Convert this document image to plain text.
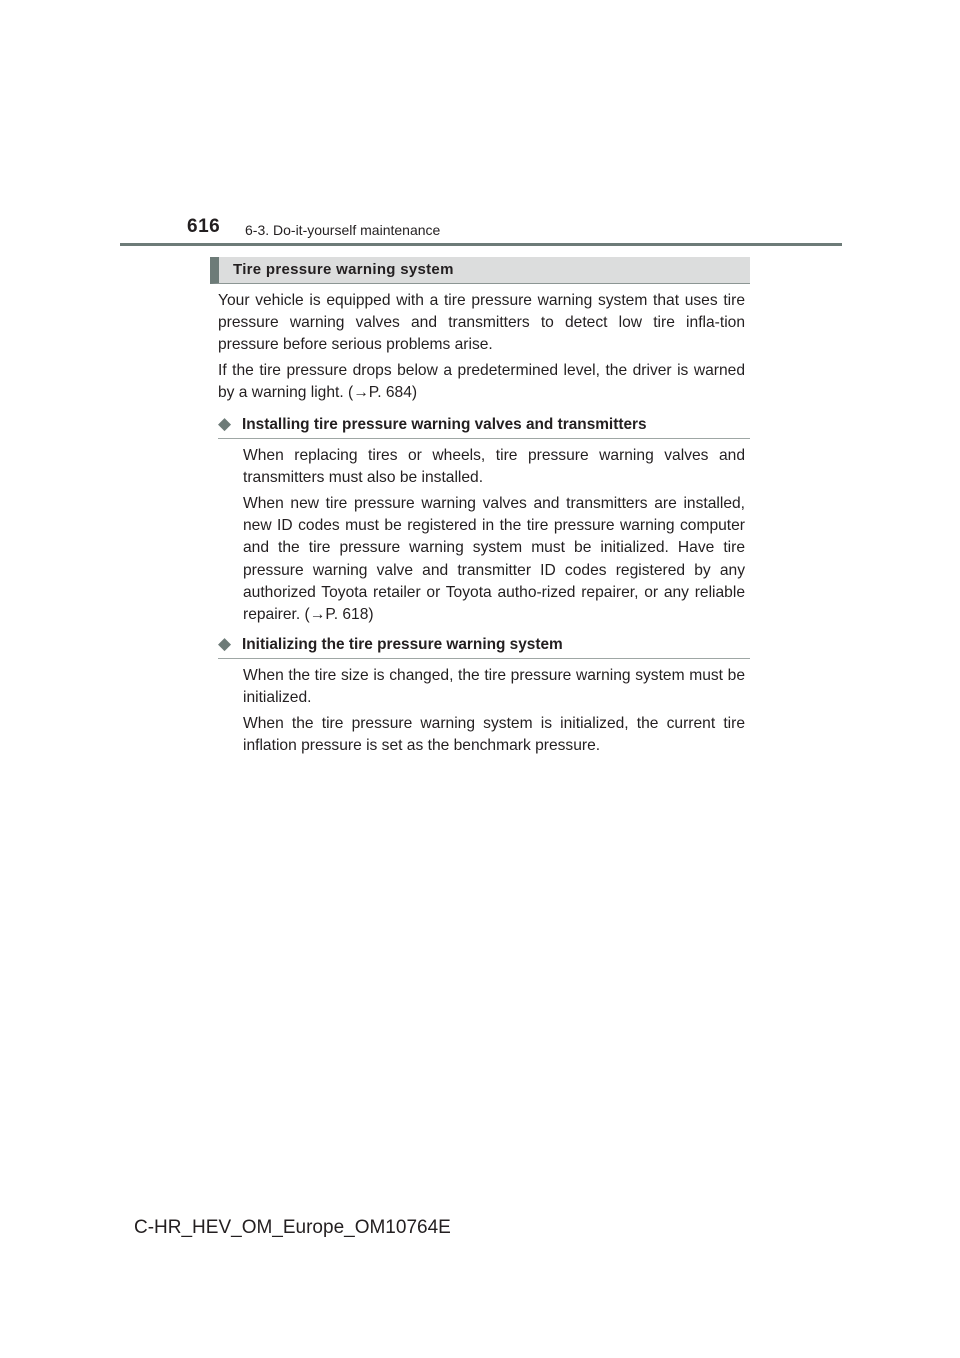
616 6-3. Do-it-yourself maintenance
Tire pressure warning system

Your vehicle is equipped with a tire pressure warning system that uses tire pressure warning valves and transmitters to detect low tire infla-tion pressure before serious problems arise.

If the tire pressure drops below a predetermined level, the driver is warned by a warning light. (→P. 684)

◆ Installing tire pressure warning valves and transmitters

When replacing tires or wheels, tire pressure warning valves and transmitters must also be installed.

When new tire pressure warning valves and transmitters are installed, new ID codes must be registered in the tire pressure warning computer and the tire pressure warning system must be initialized. Have tire pressure warning valve and transmitter ID codes registered by any authorized Toyota retailer or Toyota autho-rized repairer, or any reliable repairer. (→P. 618)

◆ Initializing the tire pressure warning system

When the tire size is changed, the tire pressure warning system must be initialized.

When the tire pressure warning system is initialized, the current tire inflation pressure is set as the benchmark pressure.

C-HR_HEV_OM_Europe_OM10764E
